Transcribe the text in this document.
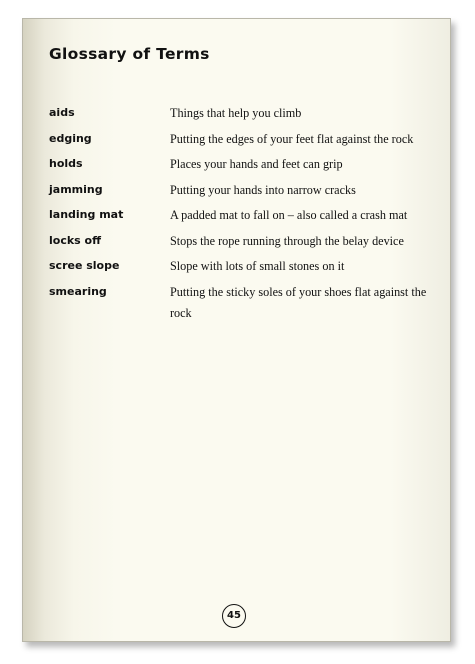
Glossary of Terms
aids	Things that help you climb
edging	Putting the edges of your feet flat against the rock
holds	Places your hands and feet can grip
jamming	Putting your hands into narrow cracks
landing mat	A padded mat to fall on – also called a crash mat
locks off	Stops the rope running through the belay device
scree slope	Slope with lots of small stones on it
smearing	Putting the sticky soles of your shoes flat against the rock
45
